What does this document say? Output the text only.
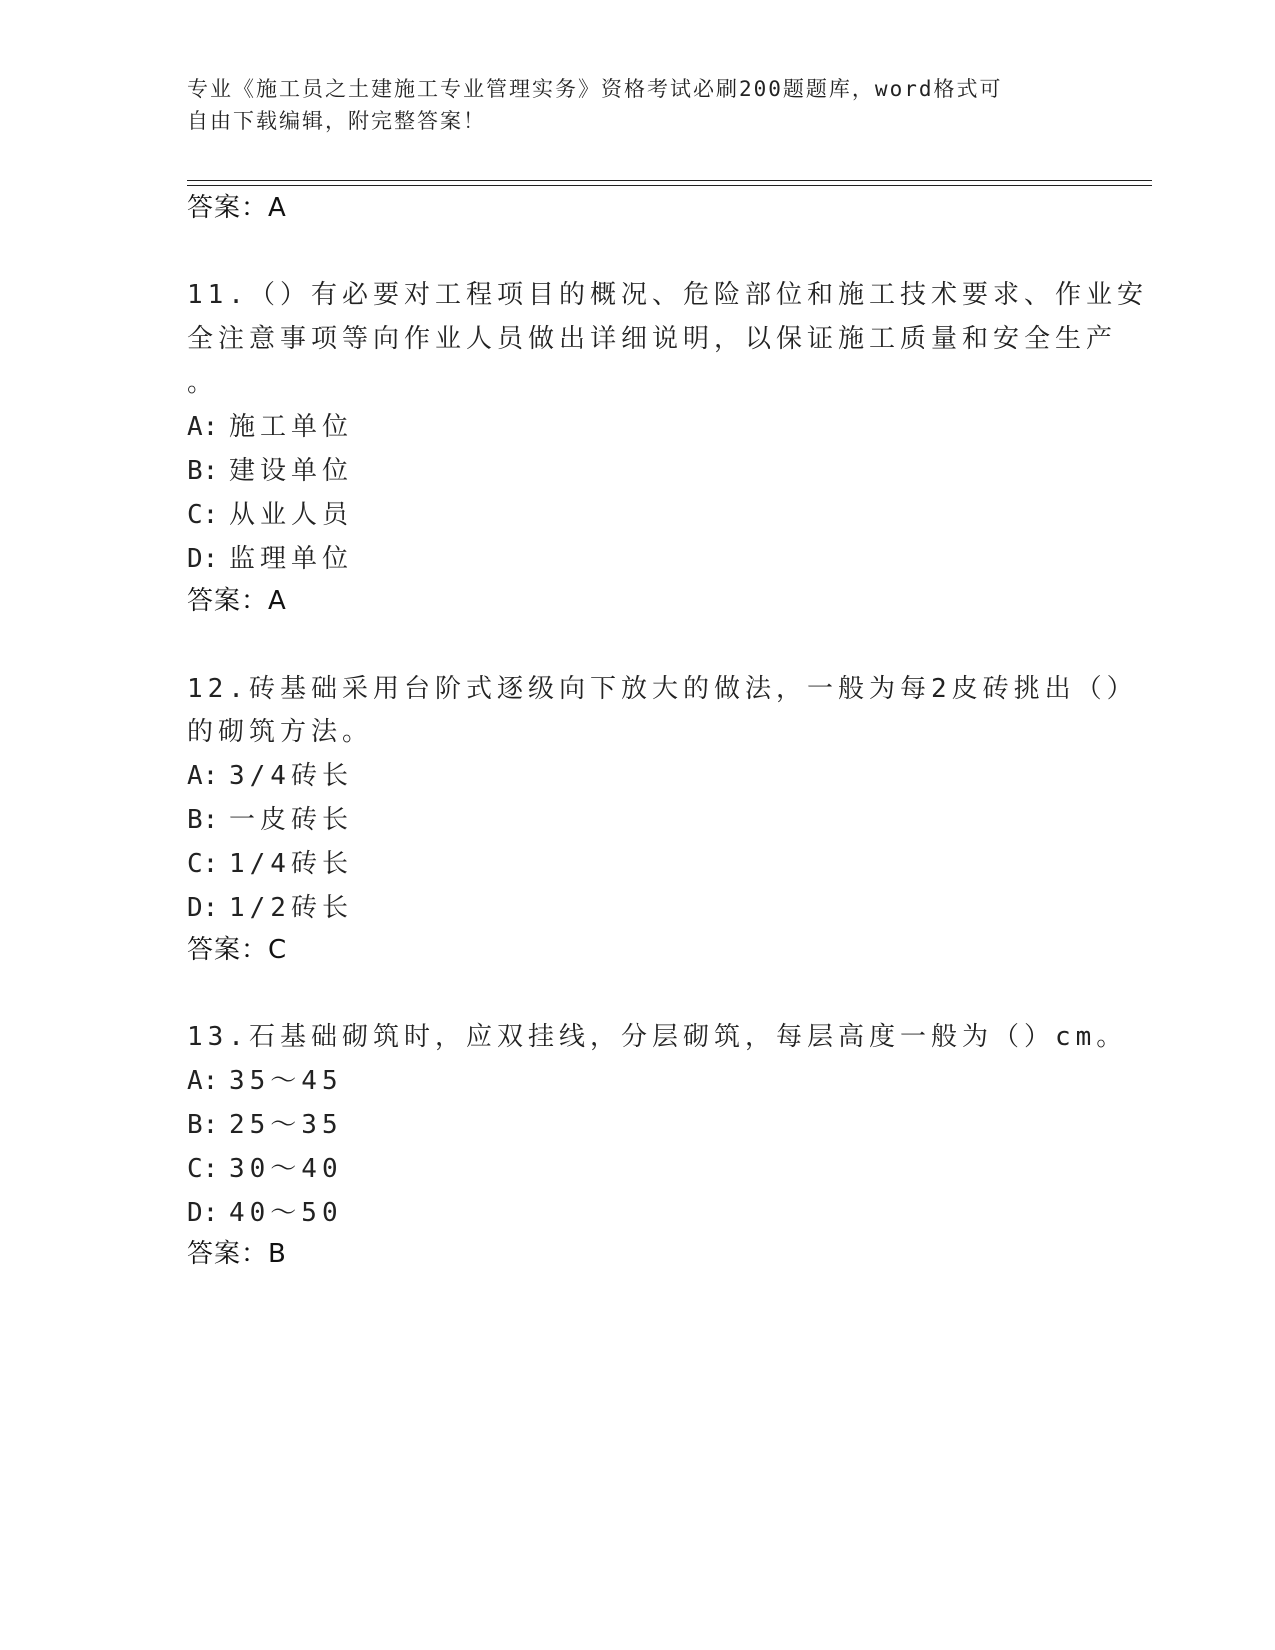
专业《施工员之土建施工专业管理实务》资格考试必刷200题题库，word格式可
自由下载编辑，附完整答案！
答案：A
11.（）有必要对工程项目的概况、危险部位和施工技术要求、作业安
全注意事项等向作业人员做出详细说明，以保证施工质量和安全生产
。
A: 施工单位
B: 建设单位
C: 从业人员
D: 监理单位
答案：A
12.砖基础采用台阶式逐级向下放大的做法，一般为每2皮砖挑出（）
的砌筑方法。
A: 3/4砖长
B: 一皮砖长
C: 1/4砖长
D: 1/2砖长
答案：C
13.石基础砌筑时，应双挂线，分层砌筑，每层高度一般为（）cm。
A: 35～45
B: 25～35
C: 30～40
D: 40～50
答案：B
